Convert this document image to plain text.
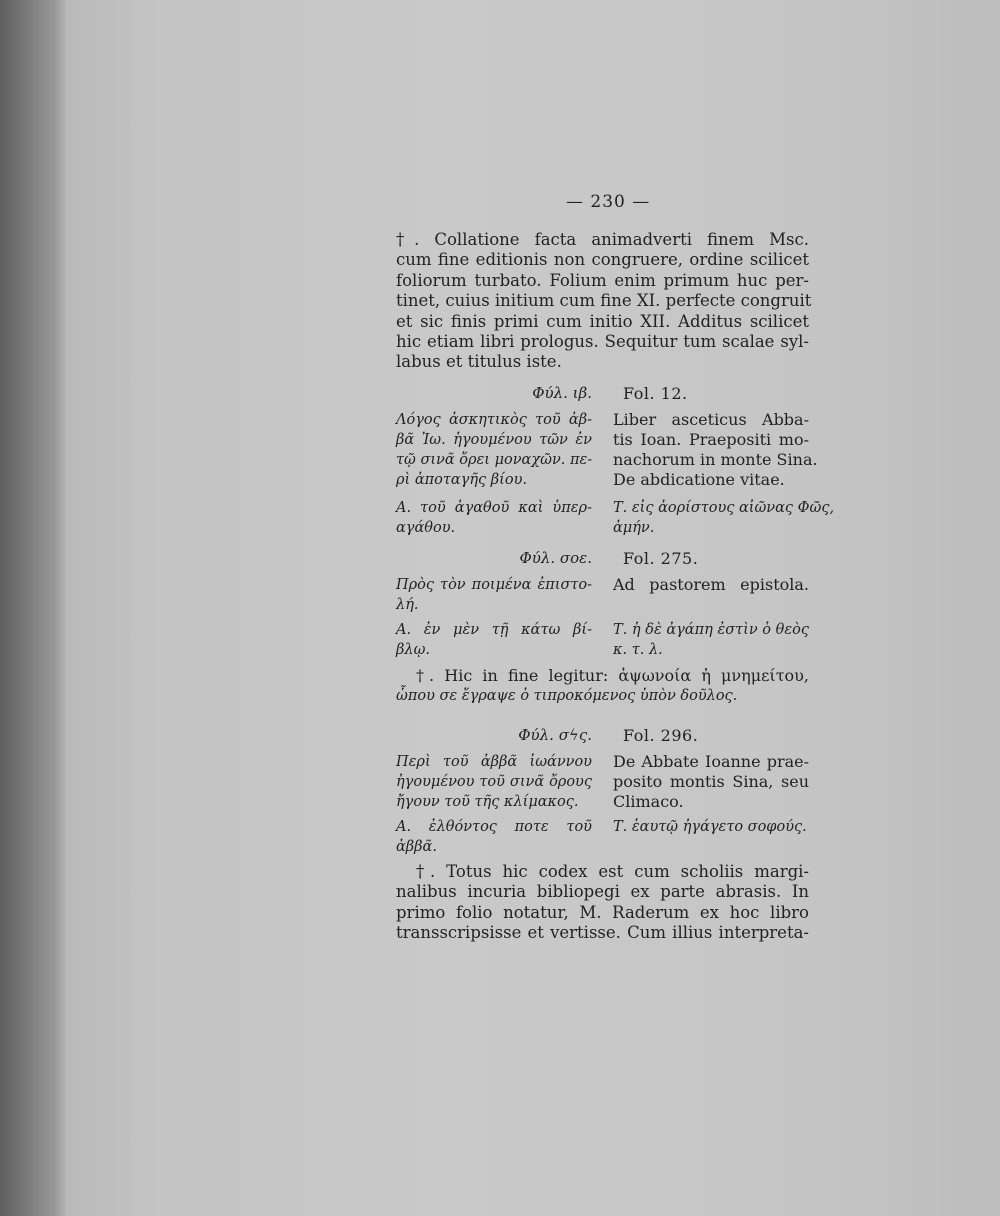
— 230 —
†. Collatione facta animadverti finem Msc.
cum fine editionis non congruere, ordine scilicet
foliorum turbato. Folium enim primum huc per-
tinet, cuius initium cum fine XI. perfecte congruit
et sic finis primi cum initio XII. Additus scilicet
hic etiam libri prologus. Sequitur tum scalae syl-
labus et titulus iste.
Φύλ. ιβ. Fol. 12.
Λόγος ἀσκητικὸς τοῦ ἀβ-
βᾶ Ἰω. ἡγουμένου τῶν ἐν
τῷ σινᾶ ὄρει μοναχῶν. πε-
ρὶ ἀποταγῆς βίου.
Liber asceticus Abba-
tis Ioan. Praepositi mo-
nachorum in monte Sina.
De abdicatione vitae.
Α. τοῦ ἀγαθοῦ καὶ ὑπερ-
αγάθου.
Τ. εἰς ἀορίστους αἰῶνας Φῶς,
ἀμήν.
Φύλ. σοε. Fol. 275.
Πρὸς τὸν ποιμένα ἐπιστο-
λή.
Ad pastorem epistola.
Α. ἐν μὲν τῇ κάτω βί-
βλῳ.
Τ. ἡ δὲ ἀγάπη ἐστὶν ὁ θεὸς
κ. τ. λ.
†. Hic in fine legitur: ἀψωνοία ἡ μνημείτου,
ὧπου σε ἔγραψε ὁ τιπροκόμενος ὑπὸν δοῦλος.
Φύλ. σϟς. Fol. 296.
Περὶ τοῦ ἀββᾶ ἰωάννου
ἡγουμένου τοῦ σινᾶ ὄρους
ἤγουν τοῦ τῆς κλίμακος.
De Abbate Ioanne prae-
posito montis Sina, seu
Climaco.
Α. ἐλθόντος ποτε τοῦ
ἀββᾶ.
Τ. ἑαυτῷ ἠγάγετο σοφούς.
†. Totus hic codex est cum scholiis margi-
nalibus incuria bibliopegi ex parte abrasis. In
primo folio notatur, M. Raderum ex hoc libro
transscripsisse et vertisse. Cum illius interpreta-
